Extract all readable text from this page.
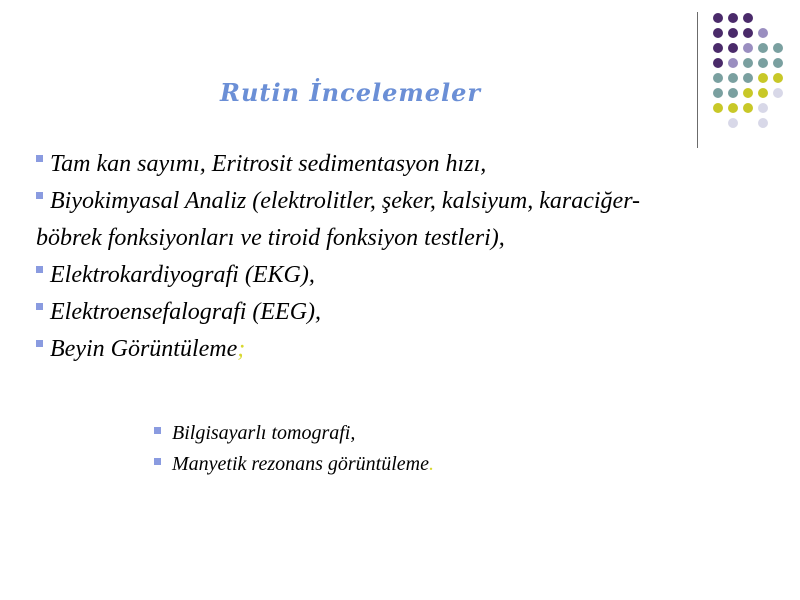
Rutin İncelemeler
Tam kan sayımı, Eritrosit sedimentasyon hızı,
Biyokimyasal Analiz (elektrolitler, şeker, kalsiyum, karaciğer-
böbrek fonksiyonları ve tiroid fonksiyon testleri),
Elektrokardiyografi (EKG),
Elektroensefalografi (EEG),
Beyin Görüntüleme;
Bilgisayarlı tomografi,
Manyetik rezonans görüntüleme.
